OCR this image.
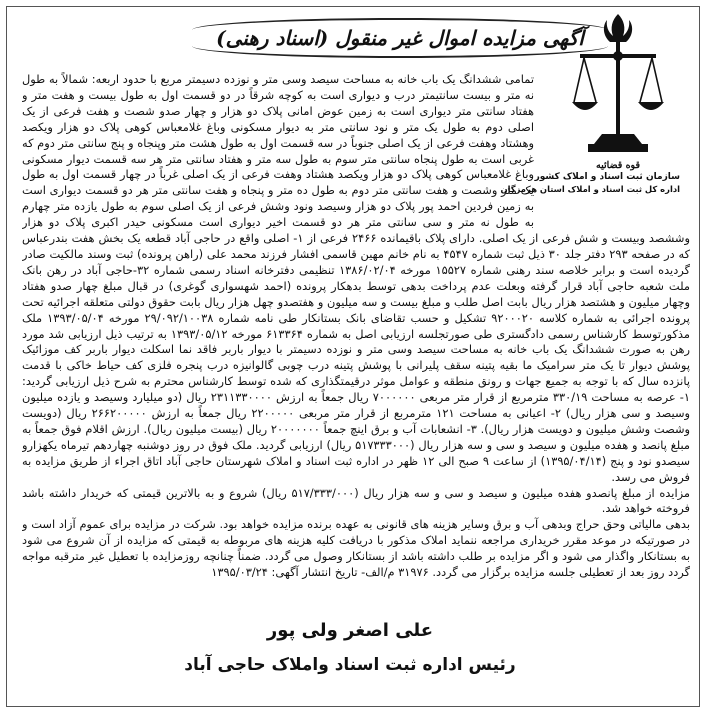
آگهی مزایده اموال غیر منقول (اسناد رهنی)
قوه قضائیه
سازمان ثبت اسناد و املاک کشور
اداره کل ثبت اسناد و املاک استان هرمزگان
تمامی ششدانگ یک باب خانه به مساحت سیصد وسی متر و نوزده دسیمتر مربع با حدود اربعه: شمالاً به طول نه متر و بیست سانتیمتر درب و دیواری است به کوچه شرقاً در دو قسمت اول به طول بیست و هفت متر و هفتاد سانتی متر دیواری است به زمین عوض امانی پلاک دو هزار و چهار صدو شصت و هفت فرعی از یک اصلی دوم به طول یک متر و نود سانتی متر به دیوار مسکونی وباغ غلامعباس کوهی پلاک دو هزار ویکصد وهشتاد وهفت فرعی از یک اصلی جنوباً در سه قسمت اول به طول هشت متر وپنجاه و پنج سانتی متر دوم که غربی است به طول پنجاه سانتی متر سوم به طول سه متر و هفتاد سانتی متر هر سه قسمت دیوار مسکونی وباغ غلامعباس کوهی پلاک دو هزار ویکصد هشتاد وهفت فرعی از یک اصلی غرباً در چهار قسمت اول به طول یک متر وشصت و هفت سانتی متر دوم به طول ده متر و پنجاه و هفت سانتی متر هر دو قسمت دیواری است به زمین فردین احمد پور پلاک دو هزار وسیصد ونود وشش فرعی از یک اصلی سوم به طول یازده متر چهارم به طول نه متر و سی سانتی متر هر دو قسمت اخیر دیواری است مسکونی حیدر اکبری پلاک دو هزار وششصد وبیست و شش فرعی از یک اصلی. دارای پلاک باقیمانده ۲۴۶۶ فرعی از ۱- اصلی واقع در حاجی آباد قطعه یک بخش هفت بندرعباس که در صفحه ۲۹۳ دفتر جلد ۳۰ ذیل ثبت شماره ۴۵۴۷ به نام خانم مهین قاسمی افشار فرزند محمد علی (راهن پرونده) ثبت وسند مالکیت صادر گردیده است و برابر خلاصه سند رهنی شماره ۱۵۵۲۷ مورخه ۱۳۸۶/۰۲/۰۴ تنظیمی دفترخانه اسناد رسمی شماره ۳۲-حاجی آباد در رهن بانک ملت شعبه حاجی آباد قرار گرفته وبعلت عدم پرداخت بدهی توسط بدهکار پرونده (احمد شهسواری گوغری) در قبال مبلغ چهار صدو هفتاد وچهار میلیون و هشتصد هزار ریال بابت اصل طلب و مبلغ بیست و سه میلیون و هفتصدو چهل هزار ریال بابت حقوق دولتی متعلقه اجرائیه تحت پرونده اجرائی به شماره کلاسه ۹۲۰۰۰۲۰ تشکیل و حسب تقاضای بانک بستانکار طی نامه شماره ۲۹/۰۹۲/۱۰۰۳۸ مورخه ۱۳۹۳/۰۵/۰۴ ملک مذکورتوسط کارشناس رسمی دادگستری طی صورتجلسه ارزیابی اصل به شماره ۶۱۳۳۶۴ مورخه ۱۳۹۳/۰۵/۱۲ به ترتیب ذیل ارزیابی شد مورد رهن به صورت ششدانگ یک باب خانه به مساحت سیصد وسی متر و نوزده دسیمتر با دیوار باربر فاقد نما اسکلت دیوار باربر کف موزائیک پوشش دیوار تا یک متر سرامیک ما بقیه پتینه سقف پلیرانی با پوشش پتینه درب چوبی گالوانیزه درب پنجره فلزی کف حیاط خاکی با قدمت پانزده سال که با توجه به جمیع جهات و رونق منطقه و عوامل موثر درقیمتگذاری که شده توسط کارشناس محترم به شرح ذیل ارزیابی گردید: ۱- عرصه به مساحت ۳۳۰/۱۹ مترمربع از قرار متر مربعی ۷۰۰۰۰۰۰ ریال جمعاً به ارزش ۲۳۱۱۳۳۰۰۰۰ ریال (دو میلیارد وسیصد و یازده میلیون وسیصد و سی هزار ریال) ۲- اعیانی به مساحت ۱۲۱ مترمربع از قرار متر مربعی ۲۲۰۰۰۰۰ ریال جمعاً به ارزش ۲۶۶۲۰۰۰۰۰ ریال (دویست وشصت وشش میلیون و دویست هزار ریال). ۳- انشعابات آب و برق اینچ جمعاً ۲۰۰۰۰۰۰۰ ریال (بیست میلیون ریال). ارزش اقلام فوق جمعاً به مبلغ پانصد و هفده میلیون و سیصد و سی و سه هزار ریال (۵۱۷۳۳۳۰۰۰ ریال) ارزیابی گردید. ملک فوق در روز دوشنبه چهاردهم تیرماه یکهزارو سیصدو نود و پنج (۱۳۹۵/۰۴/۱۴) از ساعت ۹ صبح الی ۱۲ ظهر در اداره ثبت اسناد و املاک شهرستان حاجی آباد اتاق اجراء از طریق مزایده به فروش می رسد.
مزایده از مبلغ پانصدو هفده میلیون و سیصد و سی و سه هزار ریال (۵۱۷/۳۳۳/۰۰۰ ریال) شروع و به بالاترین قیمتی که خریدار داشته باشد فروخته خواهد شد.
بدهی مالیاتی وحق حراج وبدهی آب و برق وسایر هزینه های قانونی به عهده برنده مزایده خواهد بود. شرکت در مزایده برای عموم آزاد است و در صورتیکه در موعد مقرر خریداری مراجعه ننماید املاک مذکور با دریافت کلیه هزینه های مربوطه به قیمتی که مزایده از آن شروع می شود به بستانکار واگذار می شود و اگر مزایده بر طلب داشته باشد از بستانکار وصول می گردد. ضمناً چنانچه روزمزایده با تعطیل غیر مترقبه مواجه گردد روز بعد از تعطیلی جلسه مزایده برگزار می گردد. ۳۱۹۷۶ م/الف- تاریخ انتشار آگهی: ۱۳۹۵/۰۳/۲۴
علی اصغر ولی پور
رئیس اداره ثبت اسناد واملاک حاجی آباد
